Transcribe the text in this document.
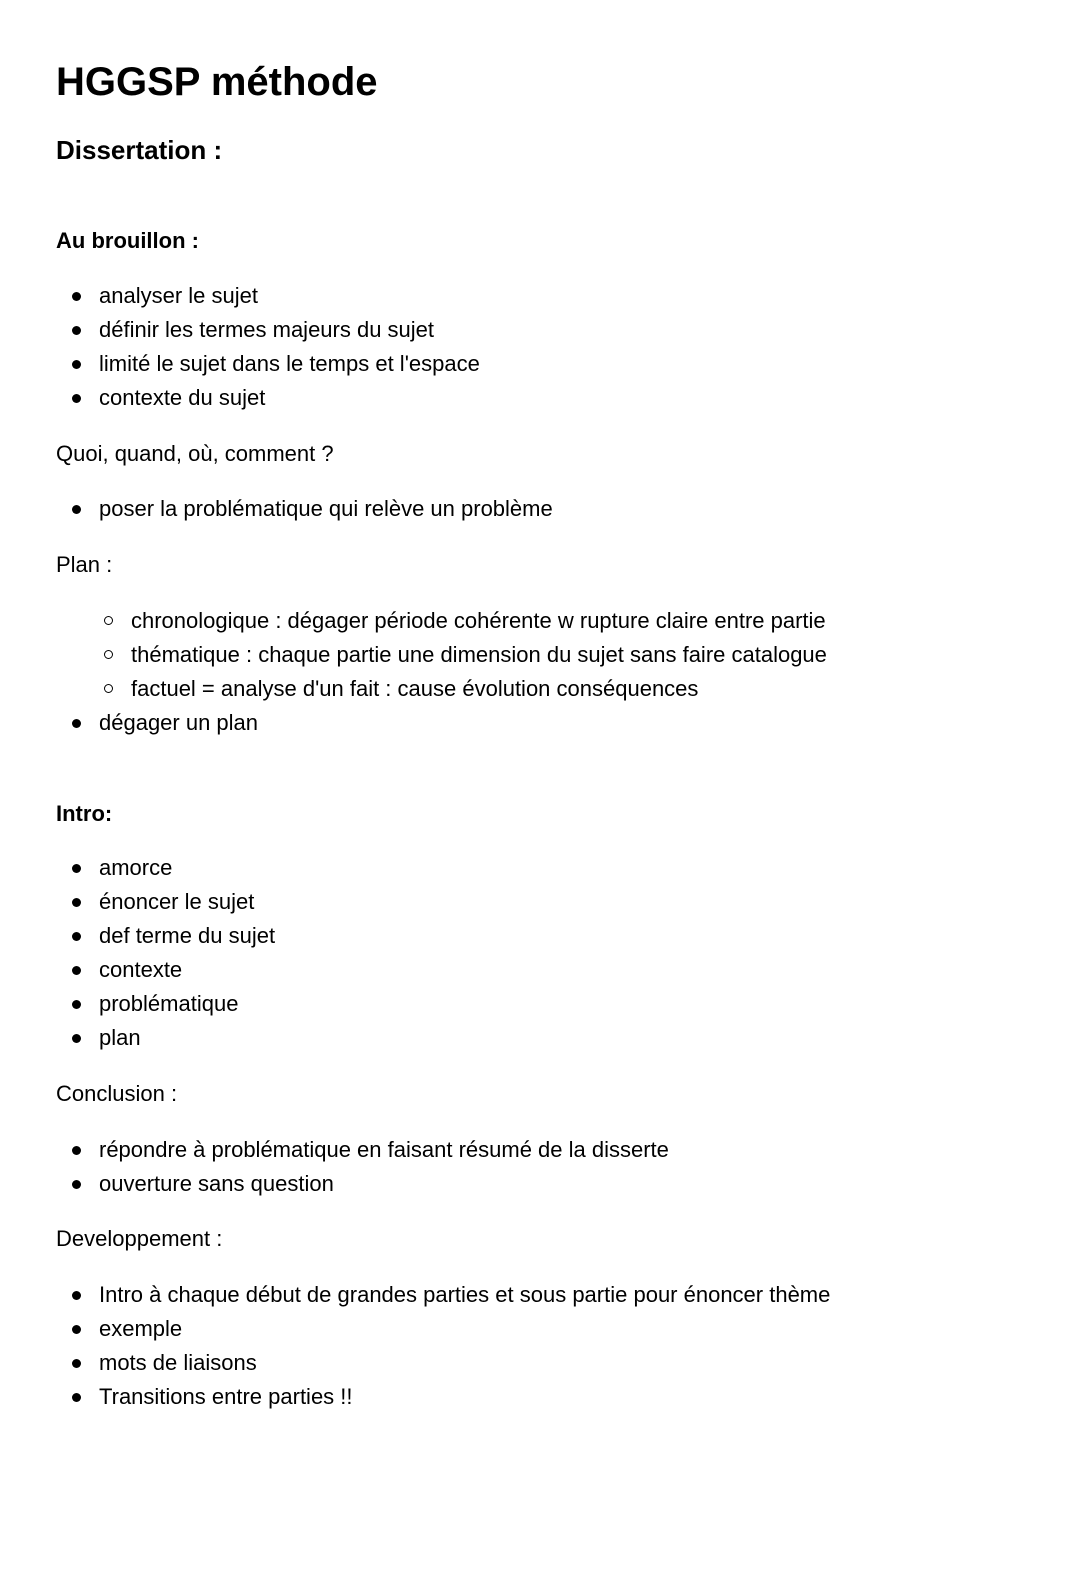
HGGSP méthode
Dissertation :
Au brouillon :
analyser le sujet
définir les termes majeurs du sujet
limité le sujet dans le temps et l'espace
contexte du sujet

Quoi, quand, où, comment ?

poser la problématique qui relève un problème

Plan :

chronologique : dégager période cohérente w rupture claire entre partie
thématique : chaque partie une dimension du sujet sans faire catalogue
factuel = analyse d'un fait : cause évolution conséquences
dégager un plan
Intro:
amorce
énoncer le sujet
def terme du sujet
contexte
problématique
plan

Conclusion :

répondre à problématique en faisant résumé de la disserte
ouverture sans question

Developpement :

Intro à chaque début de grandes parties et sous partie pour énoncer thème
exemple
mots de liaisons
Transitions entre parties !!
